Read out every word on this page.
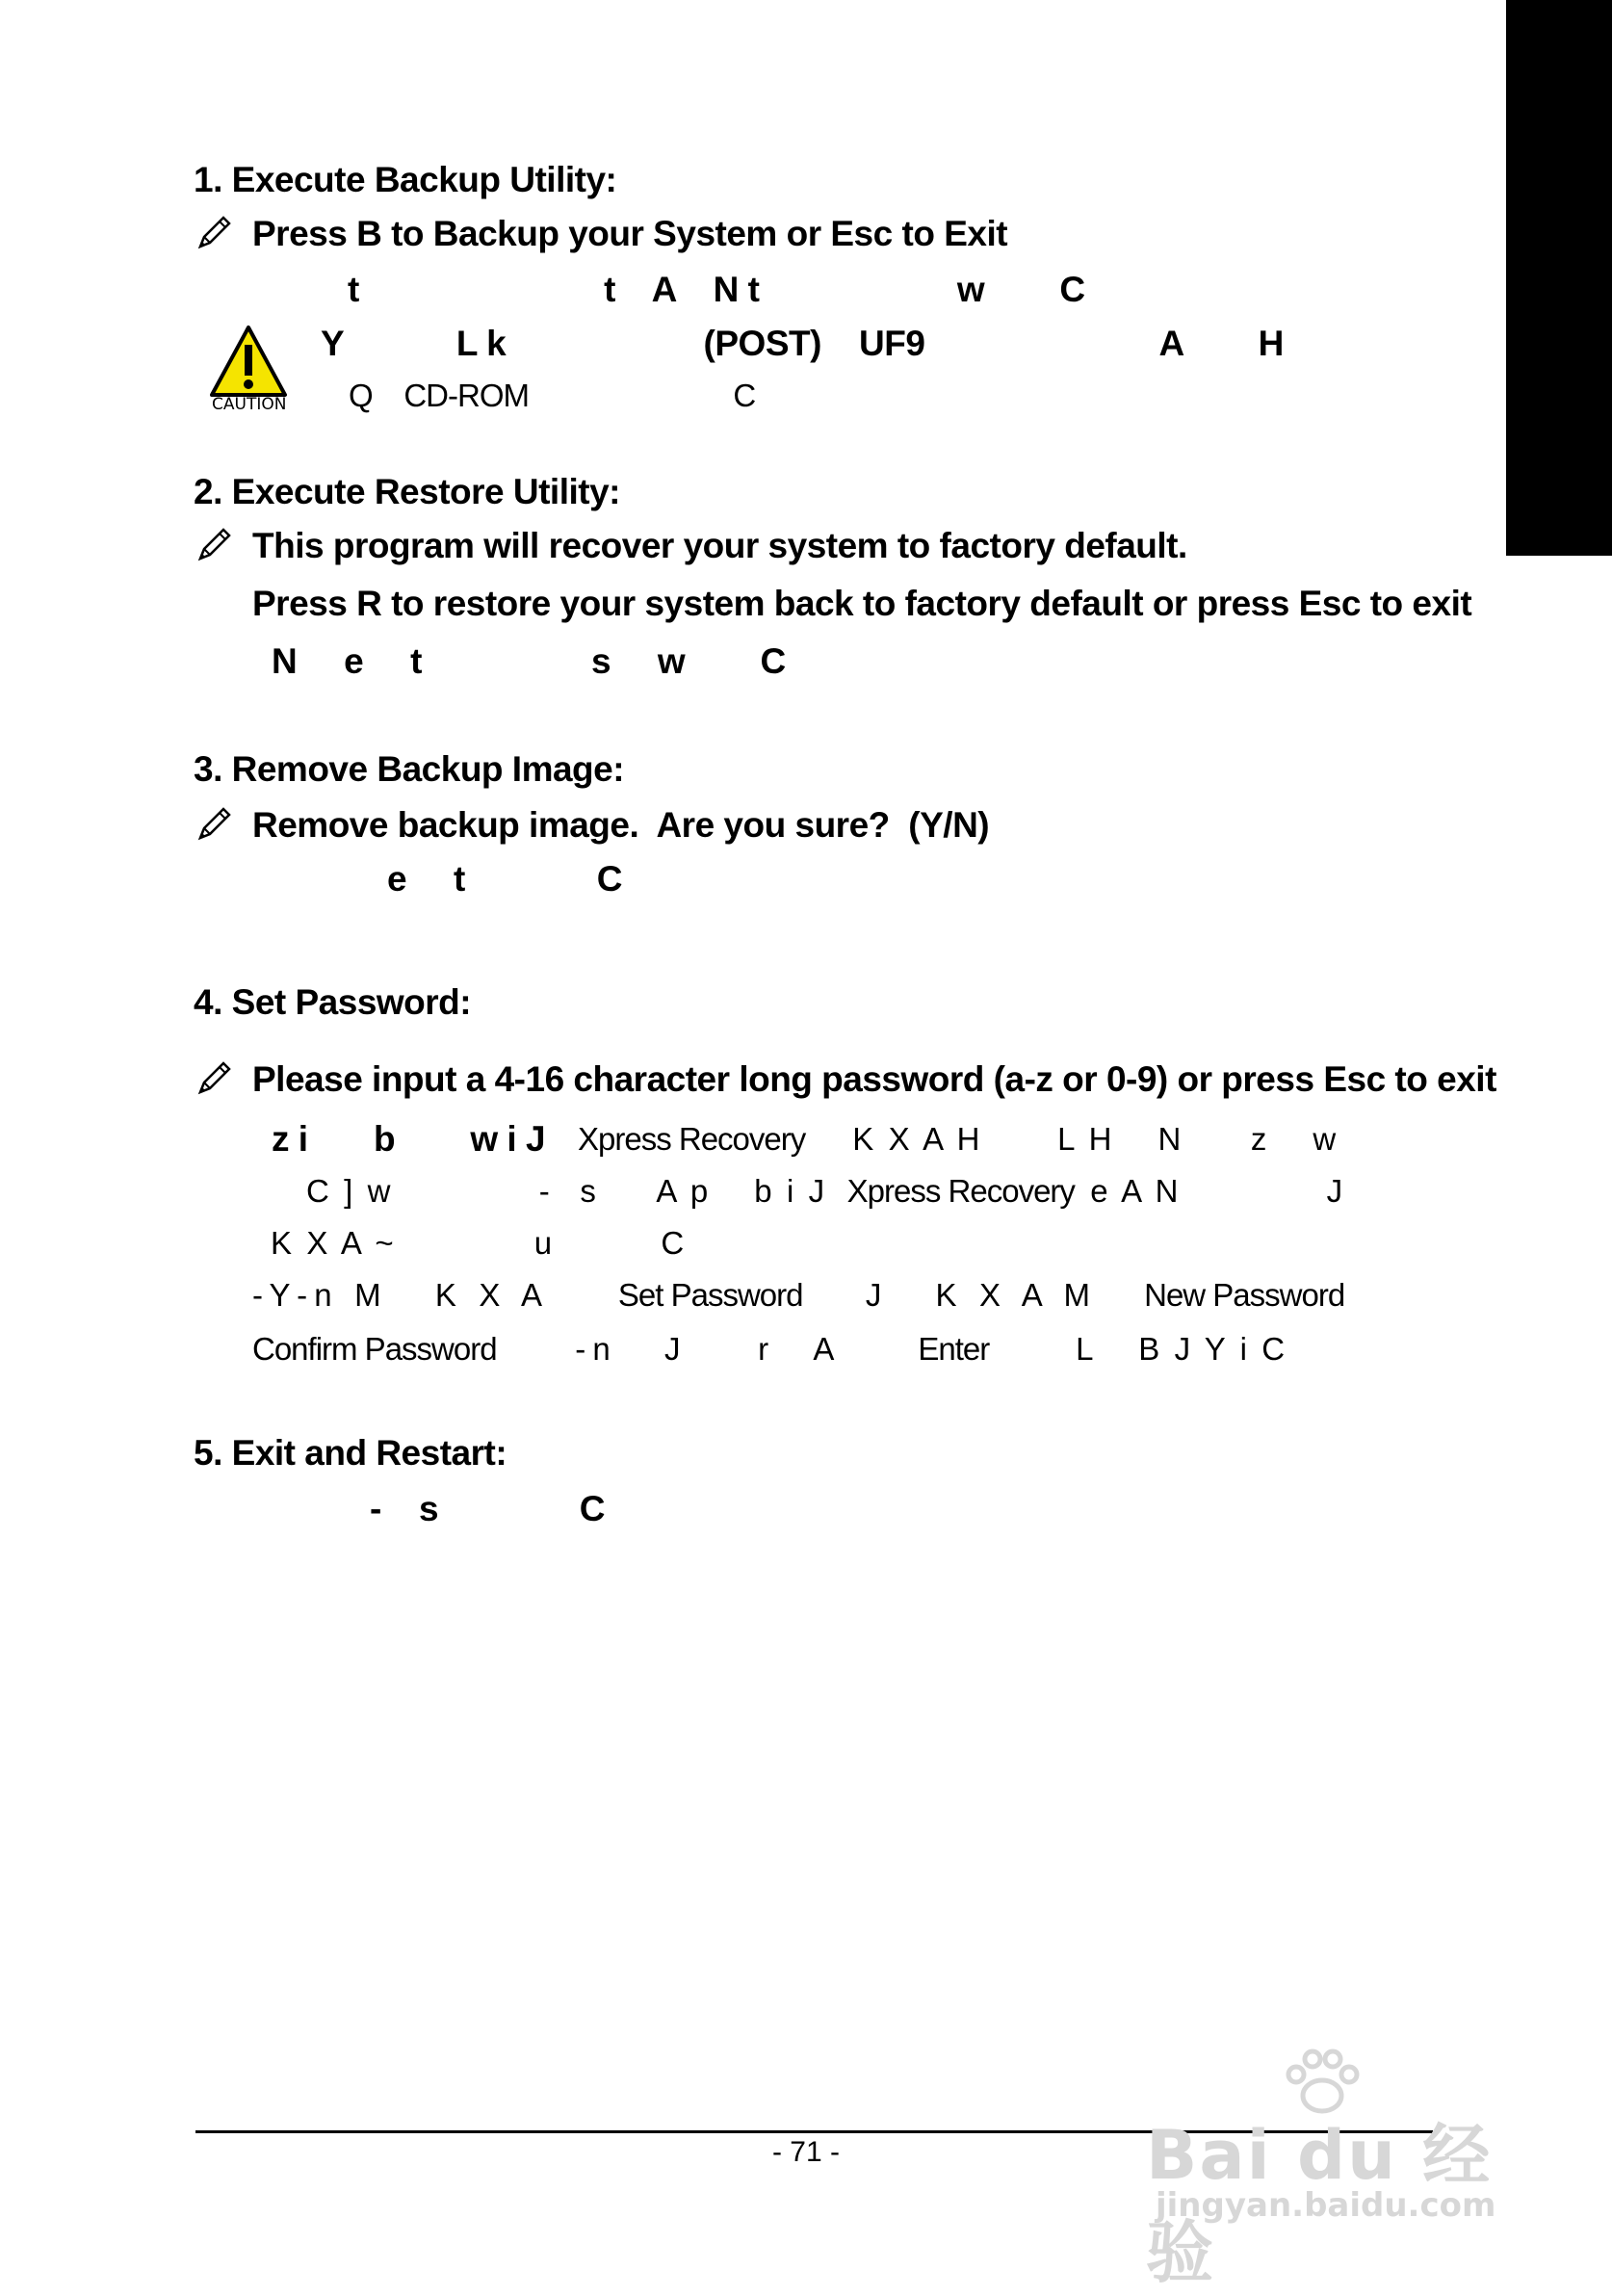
c
1. Execute Backup Utility:
Press B to Backup your System or Esc to Exit
t                          t    A    N t                     w        C
CAUTION
Y            L k                     (POST)    UF9                         A        H
Q    CD-ROM                          C
2. Execute Restore Utility:
This program will recover your system to factory default.
Press R to restore your system back to factory default or press Esc to exit
N     e     t                  s     w        C
3. Remove Backup Image:
Remove backup image.  Are you sure?  (Y/N)
e     t              C
4. Set Password:
Please input a 4-16 character long password (a-z or 0-9) or press Esc to exit
z i       b        w i J Xpress Recovery      K  X  A  H          L  H      N         z      w
C  ]  w                   -    s        A  p      b  i  J   Xpress Recovery  e  A  N                   J
K  X  A  ~                  u              C
- Y - n   M       K   X   A          Set Password        J       K   X   A   M       New Password
Confirm Password          - n       J          r      A           Enter           L      B  J  Y  i  C
5. Exit and Restart:
-    s               C
- 71 -	Bai du 经验
jingyan.baidu.com
